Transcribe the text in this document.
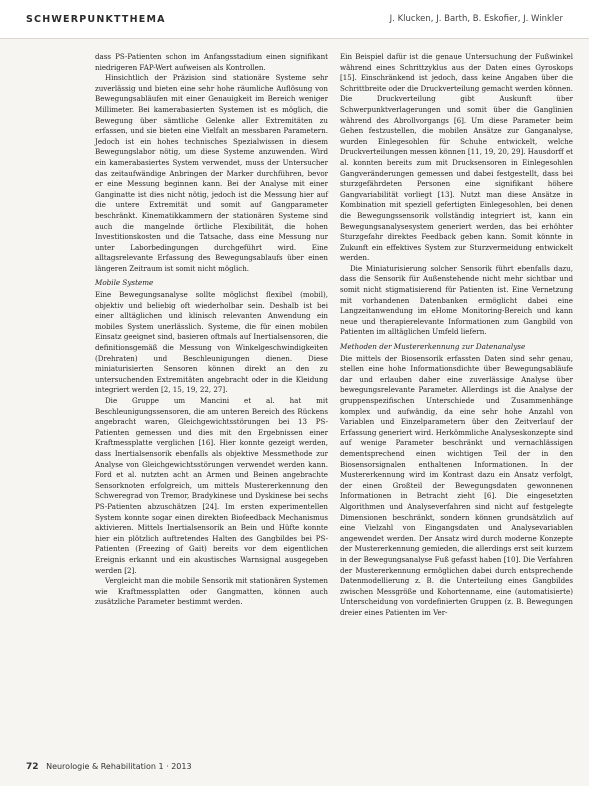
SCHWERPUNKTTHEMA	J. Klucken, J. Barth, B. Eskofier, J. Winkler

dass PS-Patienten schon im Anfangsstadium einen signifikant niedrigeren FAP-Wert aufweisen als Kontrollen.

Hinsichtlich der Präzision sind stationäre Systeme sehr zuverlässig und bieten eine sehr hohe räumliche Auflösung von Bewegungsabläufen mit einer Genauigkeit im Bereich weniger Millimeter. Bei kamerabasierten Systemen ist es möglich, die Bewegung über sämtliche Gelenke aller Extremitäten zu erfassen, und sie bieten eine Vielfalt an messbaren Parametern. Jedoch ist ein hohes technisches Spezialwissen in diesem Bewegungslabor nötig, um diese Systeme anzuwenden. Wird ein kamerabasiertes System verwendet, muss der Untersucher das zeitaufwändige Anbringen der Marker durchführen, bevor er eine Messung beginnen kann. Bei der Analyse mit einer Ganginatte ist dies nicht nötig, jedoch ist die Messung hier auf die untere Extremität und somit auf Gangparameter beschränkt. Kinematikkammern der stationären Systeme sind auch die mangelnde örtliche Flexibilität, die hohen Investitionskosten und die Tatsache, dass eine Messung nur unter Laborbedingungen durchgeführt wird. Eine alltagsrelevante Erfassung des Bewegungsablaufs über einen längeren Zeitraum ist somit nicht möglich.

Mobile Systeme

Eine Bewegungsanalyse sollte möglichst flexibel (mobil), objektiv und beliebig oft wiederholbar sein. Deshalb ist bei einer alltäglichen und klinisch relevanten Anwendung ein mobiles System unerlässlich. Systeme, die für einen mobilen Einsatz geeignet sind, basieren oftmals auf Inertialsensoren, die definitionsgemäß die Messung von Winkelgeschwindigkeiten (Drehraten) und Beschleunigungen dienen. Diese miniaturisierten Sensoren können direkt an den zu untersuchenden Extremitäten angebracht oder in die Kleidung integriert werden [2, 15, 19, 22, 27].

Die Gruppe um Mancini et al. hat mit Beschleunigungssensoren, die am unteren Bereich des Rückens angebracht waren, Gleichgewichtsstörungen bei 13 PS-Patienten gemessen und dies mit den Ergebnissen einer Kraftmessplatte verglichen [16]. Hier konnte gezeigt werden, dass Inertialsensorik ebenfalls als objektive Messmethode zur Analyse von Gleichgewichtsstörungen verwendet werden kann. Ford et al. nutzten acht an Armen und Beinen angebrachte Sensorknoten erfolgreich, um mittels Mustererkennung den Schweregrad von Tremor, Bradykinese und Dyskinese bei sechs PS-Patienten abzuschätzen [24]. Im ersten experimentellen System konnte sogar einen direkten Biofeedback Mechanismus aktivieren. Mittels Inertialsensorik an Bein und Hüfte konnte hier ein plötzlich auftretendes Halten des Gangbildes bei PS-Patienten (Freezing of Gait) bereits vor dem eigentlichen Ereignis erkannt und ein akustisches Warnsignal ausgegeben werden [2].

Vergleicht man die mobile Sensorik mit stationären Systemen wie Kraftmessplatten oder Gangmatten, können auch zusätzliche Parameter bestimmt werden.

Ein Beispiel dafür ist die genaue Untersuchung der Fußwinkel während eines Schrittzyklus aus der Daten eines Gyroskops [15]. Einschränkend ist jedoch, dass keine Angaben über die Schrittbreite oder die Druckverteilung gemacht werden können. Die Druckverteilung gibt Auskunft über Schwerpunktverlagerungen und somit über die Ganglinien während des Abrollvorgangs [6]. Um diese Parameter beim Gehen festzustellen, die mobilen Ansätze zur Ganganalyse, wurden Einlegesohlen für Schuhe entwickelt, welche Druckverteilungen messen können [11, 19, 20, 29]. Hausdorff et al. konnten bereits zum mit Drucksensoren in Einlegesohlen Gangveränderungen gemessen und dabei festgestellt, dass bei sturzgefährdeten Personen eine signifikant höhere Gangvariabilität vorliegt [13]. Nutzt man diese Ansätze in Kombination mit speziell gefertigten Einlegesohlen, bei denen die Bewegungssensorik vollständig integriert ist, kann ein Bewegungsanalysesystem generiert werden, das bei erhöhter Sturzgefahr direktes Feedback geben kann. Somit könnte in Zukunft ein effektives System zur Sturzvermeidung entwickelt werden.

Die Miniaturisierung solcher Sensorik führt ebenfalls dazu, dass die Sensorik für Außenstehende nicht mehr sichtbar und somit nicht stigmatisierend für Patienten ist. Eine Vernetzung mit vorhandenen Datenbanken ermöglicht dabei eine Langzeitanwendung im eHome Monitoring-Bereich und kann neue und therapierelevante Informationen zum Gangbild von Patienten im alltäglichen Umfeld liefern.

Methoden der Mustererkennung zur Datenanalyse

Die mittels der Biosensorik erfassten Daten sind sehr genau, stellen eine hohe Informationsdichte über Bewegungsabläufe dar und erlauben daher eine zuverlässige Analyse über bewegungsrelevante Parameter. Allerdings ist die Analyse der gruppenspezifischen Unterschiede und Zusammenhänge komplex und aufwändig, da eine sehr hohe Anzahl von Variablen und Einzelparametern über den Zeitverlauf der Erfassung generiert wird. Herkömmliche Analyseskonzepte sind auf wenige Parameter beschränkt und vernachlässigen dementsprechend einen wichtigen Teil der in den Biosensorsignalen enthaltenen Informationen. In der Mustererkennung wird im Kontrast dazu ein Ansatz verfolgt, der einen Großteil der Bewegungsdaten gewonnenen Informationen in Betracht zieht [6]. Die eingesetzten Algorithmen und Analyseverfahren sind nicht auf festgelegte Dimensionen beschränkt, sondern können grundsätzlich auf eine Vielzahl von Eingangsdaten und Analysevariablen angewendet werden. Der Ansatz wird durch moderne Konzepte der Mustererkennung gemieden, die allerdings erst seit kurzem in der Bewegungsanalyse Fuß gefasst haben [10]. Die Verfahren der Mustererkennung ermöglichen dabei durch entsprechende Datenmodellierung z. B. die Unterteilung eines Gangbildes zwischen Messgröße und Kohortenname, eine (automatisierte) Unterscheidung von vordefinierten Gruppen (z. B. Bewegungen dreier eines Patienten im Ver-

72 Neurologie & Rehabilitation 1 · 2013
